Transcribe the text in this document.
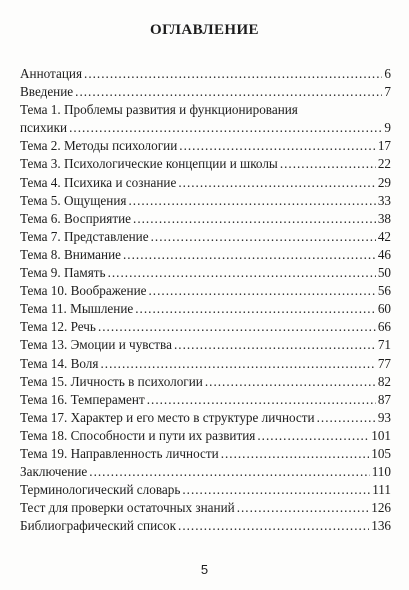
ОГЛАВЛЕНИЕ
Аннотация .....	6
Введение .....	7
Тема 1. Проблемы развития и функционирования
психики .....	9
Тема 2. Методы психологии .....	17
Тема 3. Психологические концепции и школы .....	22
Тема 4. Психика и сознание .....	29
Тема 5. Ощущения .....	33
Тема 6. Восприятие .....	38
Тема 7. Представление .....	42
Тема 8. Внимание .....	46
Тема 9. Память .....	50
Тема 10. Воображение .....	56
Тема 11. Мышление .....	60
Тема 12. Речь .....	66
Тема 13. Эмоции и чувства .....	71
Тема 14. Воля .....	77
Тема 15. Личность в психологии .....	82
Тема 16. Темперамент .....	87
Тема 17. Характер и его место в структуре личности .....	93
Тема 18. Способности и пути их развития .....	101
Тема 19. Направленность личности .....	105
Заключение .....	110
Терминологический словарь .....	111
Тест для проверки остаточных знаний .....	126
Библиографический список .....	136
5
